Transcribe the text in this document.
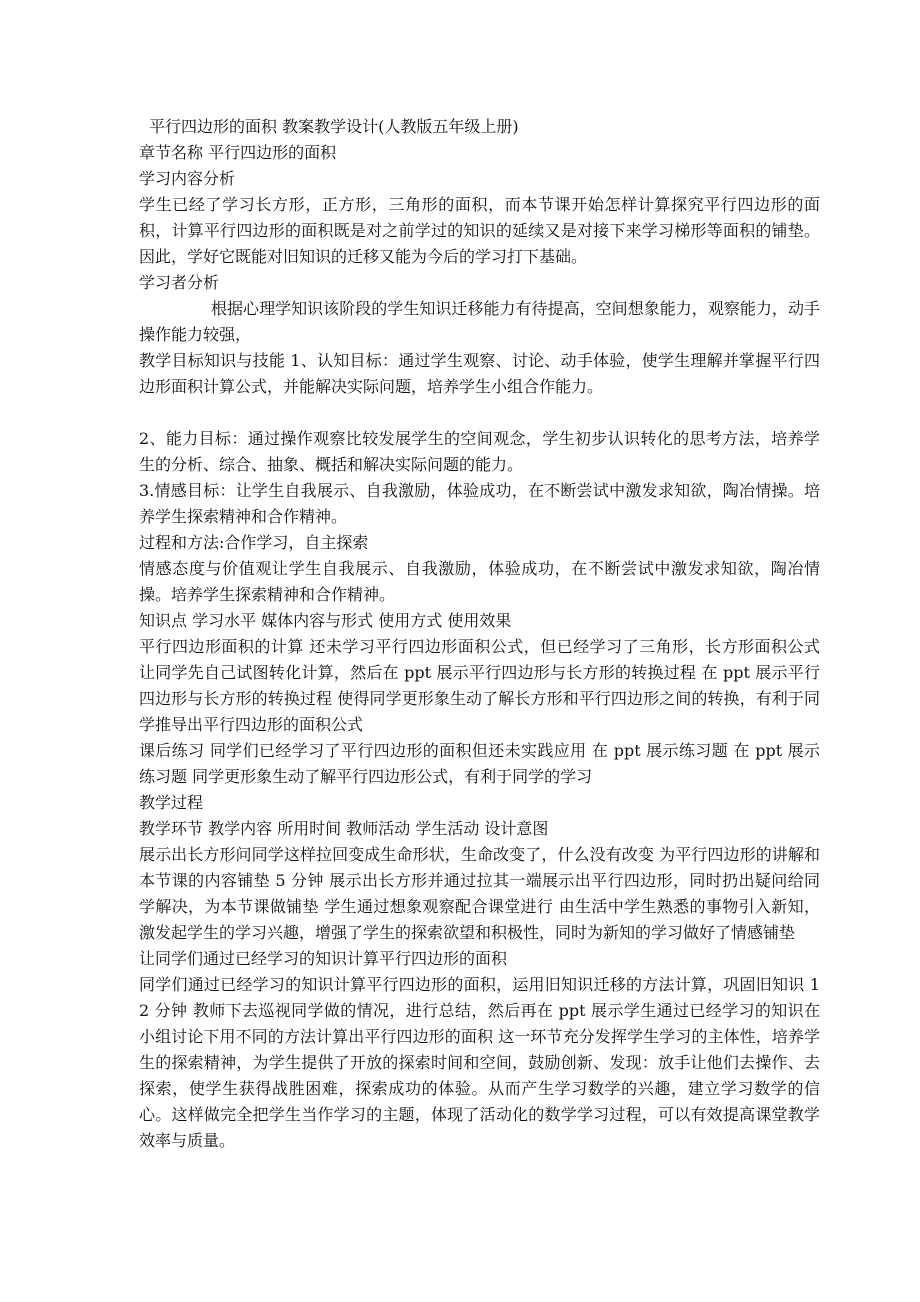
平行四边形的面积 教案教学设计(人教版五年级上册)

章节名称 平行四边形的面积

学习内容分析

学生已经了学习长方形，正方形，三角形的面积，而本节课开始怎样计算探究平行四边形的面积，计算平行四边形的面积既是对之前学过的知识的延续又是对接下来学习梯形等面积的铺垫。因此，学好它既能对旧知识的迁移又能为今后的学习打下基础。

学习者分析

根据心理学知识该阶段的学生知识迁移能力有待提高，空间想象能力，观察能力，动手操作能力较强，

教学目标知识与技能 1、认知目标：通过学生观察、讨论、动手体验，使学生理解并掌握平行四边形面积计算公式，并能解决实际问题，培养学生小组合作能力。

2、能力目标：通过操作观察比较发展学生的空间观念，学生初步认识转化的思考方法，培养学生的分析、综合、抽象、概括和解决实际问题的能力。

3.情感目标：让学生自我展示、自我激励，体验成功，在不断尝试中激发求知欲，陶冶情操。培养学生探索精神和合作精神。

过程和方法:合作学习，自主探索

情感态度与价值观让学生自我展示、自我激励，体验成功，在不断尝试中激发求知欲，陶冶情操。培养学生探索精神和合作精神。

知识点 学习水平 媒体内容与形式 使用方式 使用效果

平行四边形面积的计算 还未学习平行四边形面积公式，但已经学习了三角形，长方形面积公式 让同学先自己试图转化计算，然后在 ppt 展示平行四边形与长方形的转换过程 在 ppt 展示平行四边形与长方形的转换过程 使得同学更形象生动了解长方形和平行四边形之间的转换，有利于同学推导出平行四边形的面积公式

课后练习 同学们已经学习了平行四边形的面积但还未实践应用 在 ppt 展示练习题 在 ppt 展示练习题 同学更形象生动了解平行四边形公式，有利于同学的学习

教学过程

教学环节 教学内容 所用时间 教师活动 学生活动 设计意图

展示出长方形问同学这样拉回变成生命形状，生命改变了，什么没有改变 为平行四边形的讲解和本节课的内容铺垫 5 分钟 展示出长方形并通过拉其一端展示出平行四边形，同时扔出疑问给同学解决，为本节课做铺垫 学生通过想象观察配合课堂进行 由生活中学生熟悉的事物引入新知，激发起学生的学习兴趣，增强了学生的探索欲望和积极性，同时为新知的学习做好了情感铺垫

让同学们通过已经学习的知识计算平行四边形的面积

同学们通过已经学习的知识计算平行四边形的面积，运用旧知识迁移的方法计算，巩固旧知识 12 分钟 教师下去巡视同学做的情况，进行总结，然后再在 ppt 展示学生通过已经学习的知识在小组讨论下用不同的方法计算出平行四边形的面积 这一环节充分发挥学生学习的主体性，培养学生的探索精神，为学生提供了开放的探索时间和空间，鼓励创新、发现：放手让他们去操作、去探索，使学生获得战胜困难，探索成功的体验。从而产生学习数学的兴趣，建立学习数学的信心。这样做完全把学生当作学习的主题，体现了活动化的数学学习过程，可以有效提高课堂教学效率与质量。
